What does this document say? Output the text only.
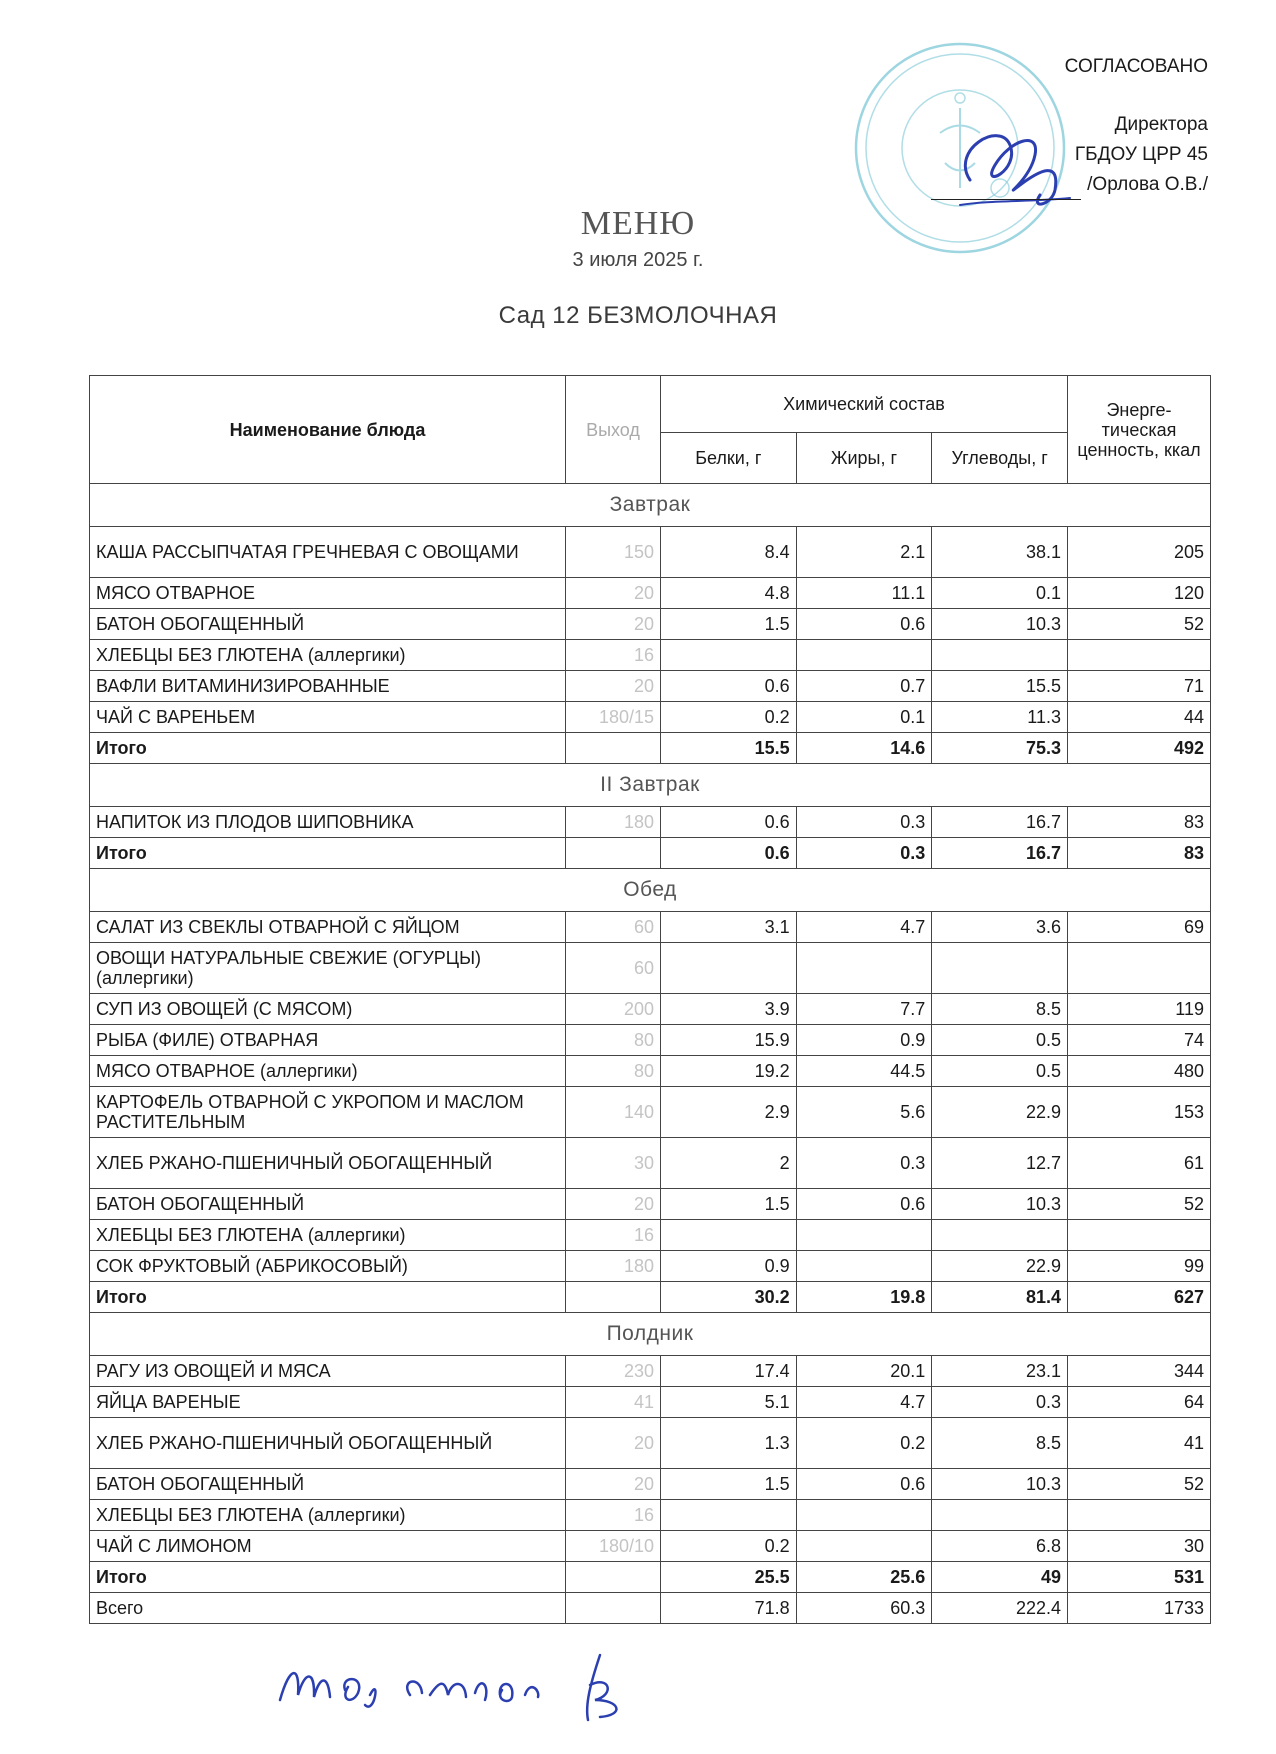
СОГЛАСОВАНО
Директора
ГБДОУ ЦРР 45
/Орлова О.В./
МЕНЮ
3 июля 2025 г.
Сад 12 БЕЗМОЛОЧНАЯ
Наименование блюда	Выход	Химический состав			Энерге-тическая ценность, ккал
		Белки, г	Жиры, г	Углеводы, г	
Завтрак					
КАША РАССЫПЧАТАЯ ГРЕЧНЕВАЯ С ОВОЩАМИ	150	8.4	2.1	38.1	205
МЯСО ОТВАРНОЕ	20	4.8	11.1	0.1	120
БАТОН ОБОГАЩЕННЫЙ	20	1.5	0.6	10.3	52
ХЛЕБЦЫ БЕЗ ГЛЮТЕНА (аллергики)	16				
ВАФЛИ ВИТАМИНИЗИРОВАННЫЕ	20	0.6	0.7	15.5	71
ЧАЙ С ВАРЕНЬЕМ	180/15	0.2	0.1	11.3	44
Итого		15.5	14.6	75.3	492
II Завтрак					
НАПИТОК ИЗ ПЛОДОВ ШИПОВНИКА	180	0.6	0.3	16.7	83
Итого		0.6	0.3	16.7	83
Обед					
САЛАТ ИЗ СВЕКЛЫ ОТВАРНОЙ С ЯЙЦОМ	60	3.1	4.7	3.6	69
ОВОЩИ НАТУРАЛЬНЫЕ СВЕЖИЕ (ОГУРЦЫ) (аллергики)	60				
СУП ИЗ ОВОЩЕЙ (С МЯСОМ)	200	3.9	7.7	8.5	119
РЫБА (ФИЛЕ) ОТВАРНАЯ	80	15.9	0.9	0.5	74
МЯСО ОТВАРНОЕ (аллергики)	80	19.2	44.5	0.5	480
КАРТОФЕЛЬ ОТВАРНОЙ С УКРОПОМ И МАСЛОМ РАСТИТЕЛЬНЫМ	140	2.9	5.6	22.9	153
ХЛЕБ РЖАНО-ПШЕНИЧНЫЙ ОБОГАЩЕННЫЙ	30	2	0.3	12.7	61
БАТОН ОБОГАЩЕННЫЙ	20	1.5	0.6	10.3	52
ХЛЕБЦЫ БЕЗ ГЛЮТЕНА (аллергики)	16				
СОК ФРУКТОВЫЙ (АБРИКОСОВЫЙ)	180	0.9		22.9	99
Итого		30.2	19.8	81.4	627
Полдник					
РАГУ ИЗ ОВОЩЕЙ И МЯСА	230	17.4	20.1	23.1	344
ЯЙЦА ВАРЕНЫЕ	41	5.1	4.7	0.3	64
ХЛЕБ РЖАНО-ПШЕНИЧНЫЙ ОБОГАЩЕННЫЙ	20	1.3	0.2	8.5	41
БАТОН ОБОГАЩЕННЫЙ	20	1.5	0.6	10.3	52
ХЛЕБЦЫ БЕЗ ГЛЮТЕНА (аллергики)	16				
ЧАЙ С ЛИМОНОМ	180/10	0.2		6.8	30
Итого		25.5	25.6	49	531
Всего		71.8	60.3	222.4	1733
